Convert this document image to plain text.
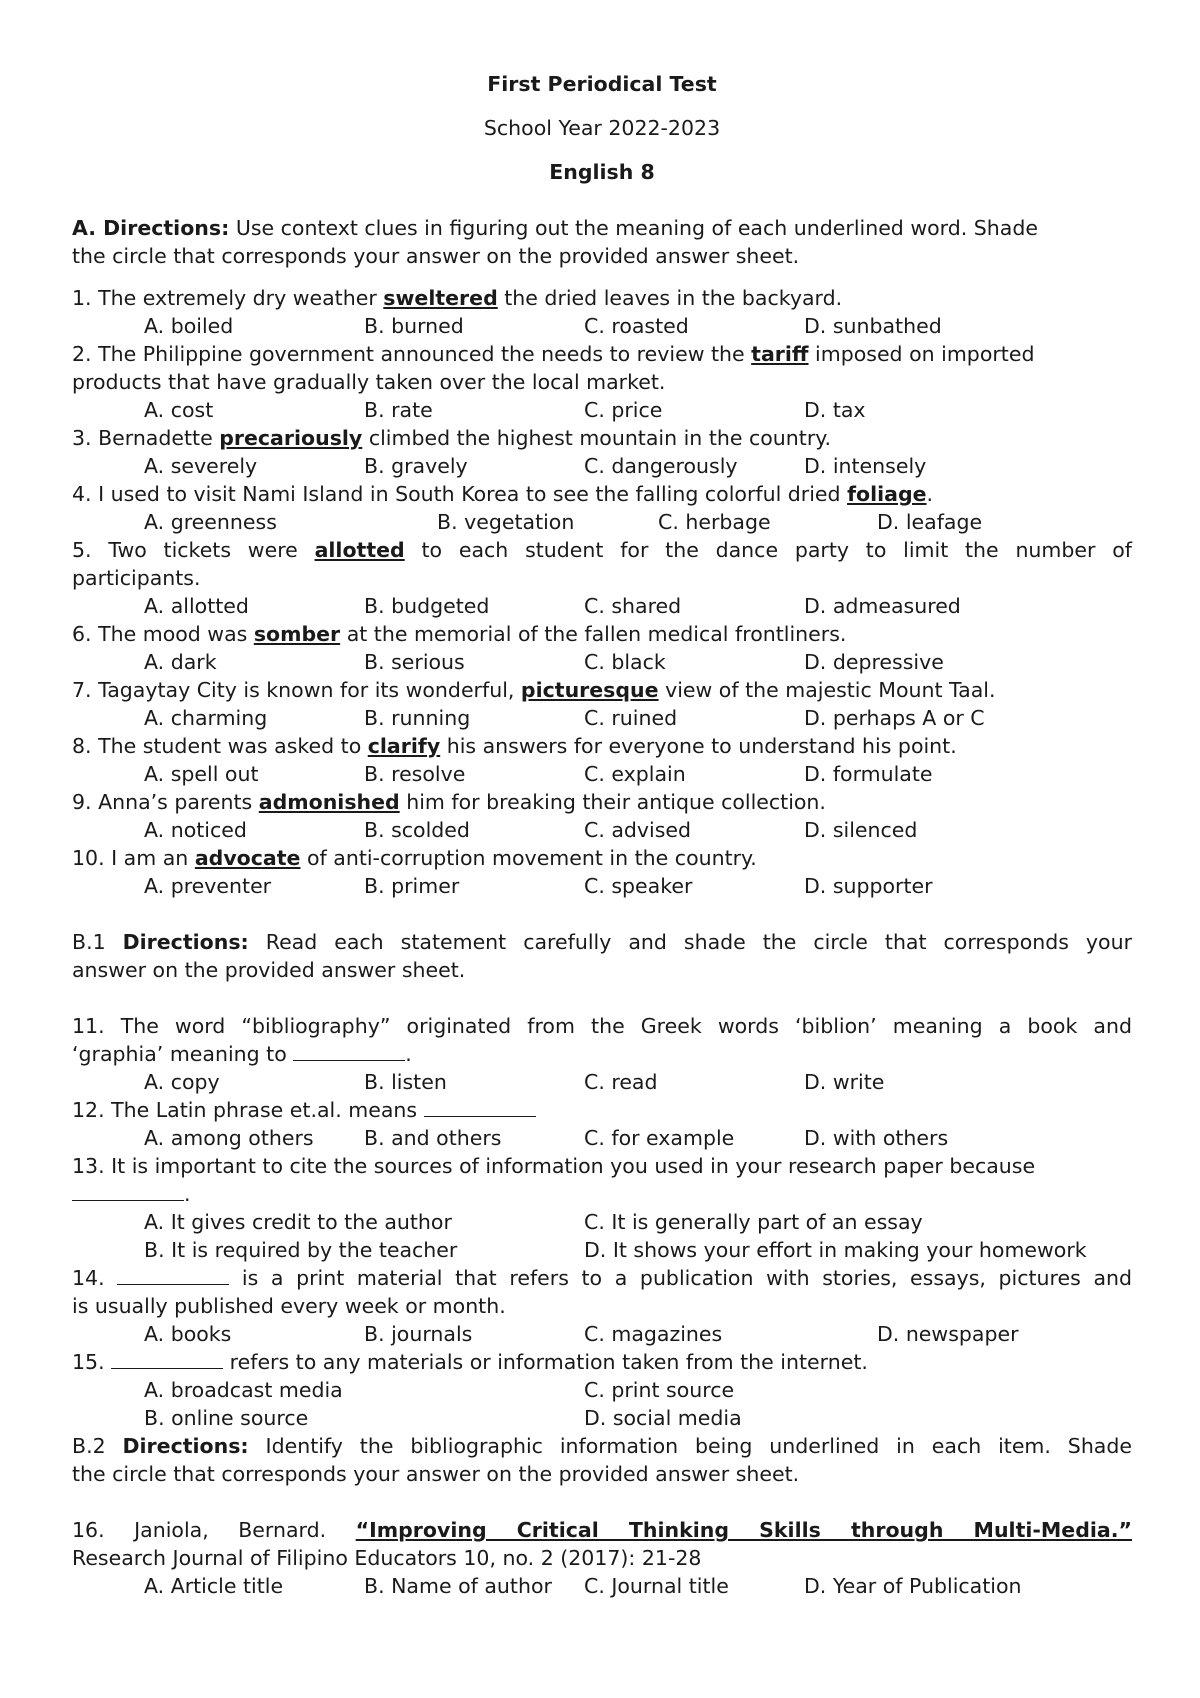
First Periodical Test
School Year 2022-2023
English 8
A. Directions: Use context clues in figuring out the meaning of each underlined word. Shade
the circle that corresponds your answer on the provided answer sheet.
1. The extremely dry weather sweltered the dried leaves in the backyard.
A. boiled	B. burned	C. roasted	D. sunbathed
2. The Philippine government announced the needs to review the tariff imposed on imported
products that have gradually taken over the local market.
A. cost	B. rate	C. price	D. tax
3. Bernadette precariously climbed the highest mountain in the country.
A. severely	B. gravely	C. dangerously	D. intensely
4. I used to visit Nami Island in South Korea to see the falling colorful dried foliage.
A. greenness	B. vegetation	C. herbage	D. leafage
5. Two tickets were allotted to each student for the dance party to limit the number of
participants.
A. allotted	B. budgeted	C. shared	D. admeasured
6. The mood was somber at the memorial of the fallen medical frontliners.
A. dark	B. serious	C. black	D. depressive
7. Tagaytay City is known for its wonderful, picturesque view of the majestic Mount Taal.
A. charming	B. running	C. ruined	D. perhaps A or C
8. The student was asked to clarify his answers for everyone to understand his point.
A. spell out	B. resolve	C. explain	D. formulate
9. Anna’s parents admonished him for breaking their antique collection.
A. noticed	B. scolded	C. advised	D. silenced
10. I am an advocate of anti-corruption movement in the country.
A. preventer	B. primer	C. speaker	D. supporter
B.1 Directions: Read each statement carefully and shade the circle that corresponds your
answer on the provided answer sheet.
11. The word “bibliography” originated from the Greek words ‘biblion’ meaning a book and
‘graphia’ meaning to	.
A. copy	B. listen	C. read	D. write
12. The Latin phrase et.al. means
A. among others B. and others	C. for example	D. with others
13. It is important to cite the sources of information you used in your research paper because
.
A. It gives credit to the author	C. It is generally part of an essay
B. It is required by the teacher	D. It shows your effort in making your homework
14.	is a print material that refers to a publication with stories, essays, pictures and
is usually published every week or month.
A. books	B. journals	C. magazines	D. newspaper
15.	refers to any materials or information taken from the internet.
A. broadcast media	C. print source
B. online source	D. social media
B.2 Directions: Identify the bibliographic information being underlined in each item. Shade
the circle that corresponds your answer on the provided answer sheet.
16. Janiola, Bernard. “Improving Critical Thinking Skills through Multi-Media.”
Research Journal of Filipino Educators 10, no. 2 (2017): 21-28
A. Article title	B. Name of author C. Journal title	D. Year of Publication
